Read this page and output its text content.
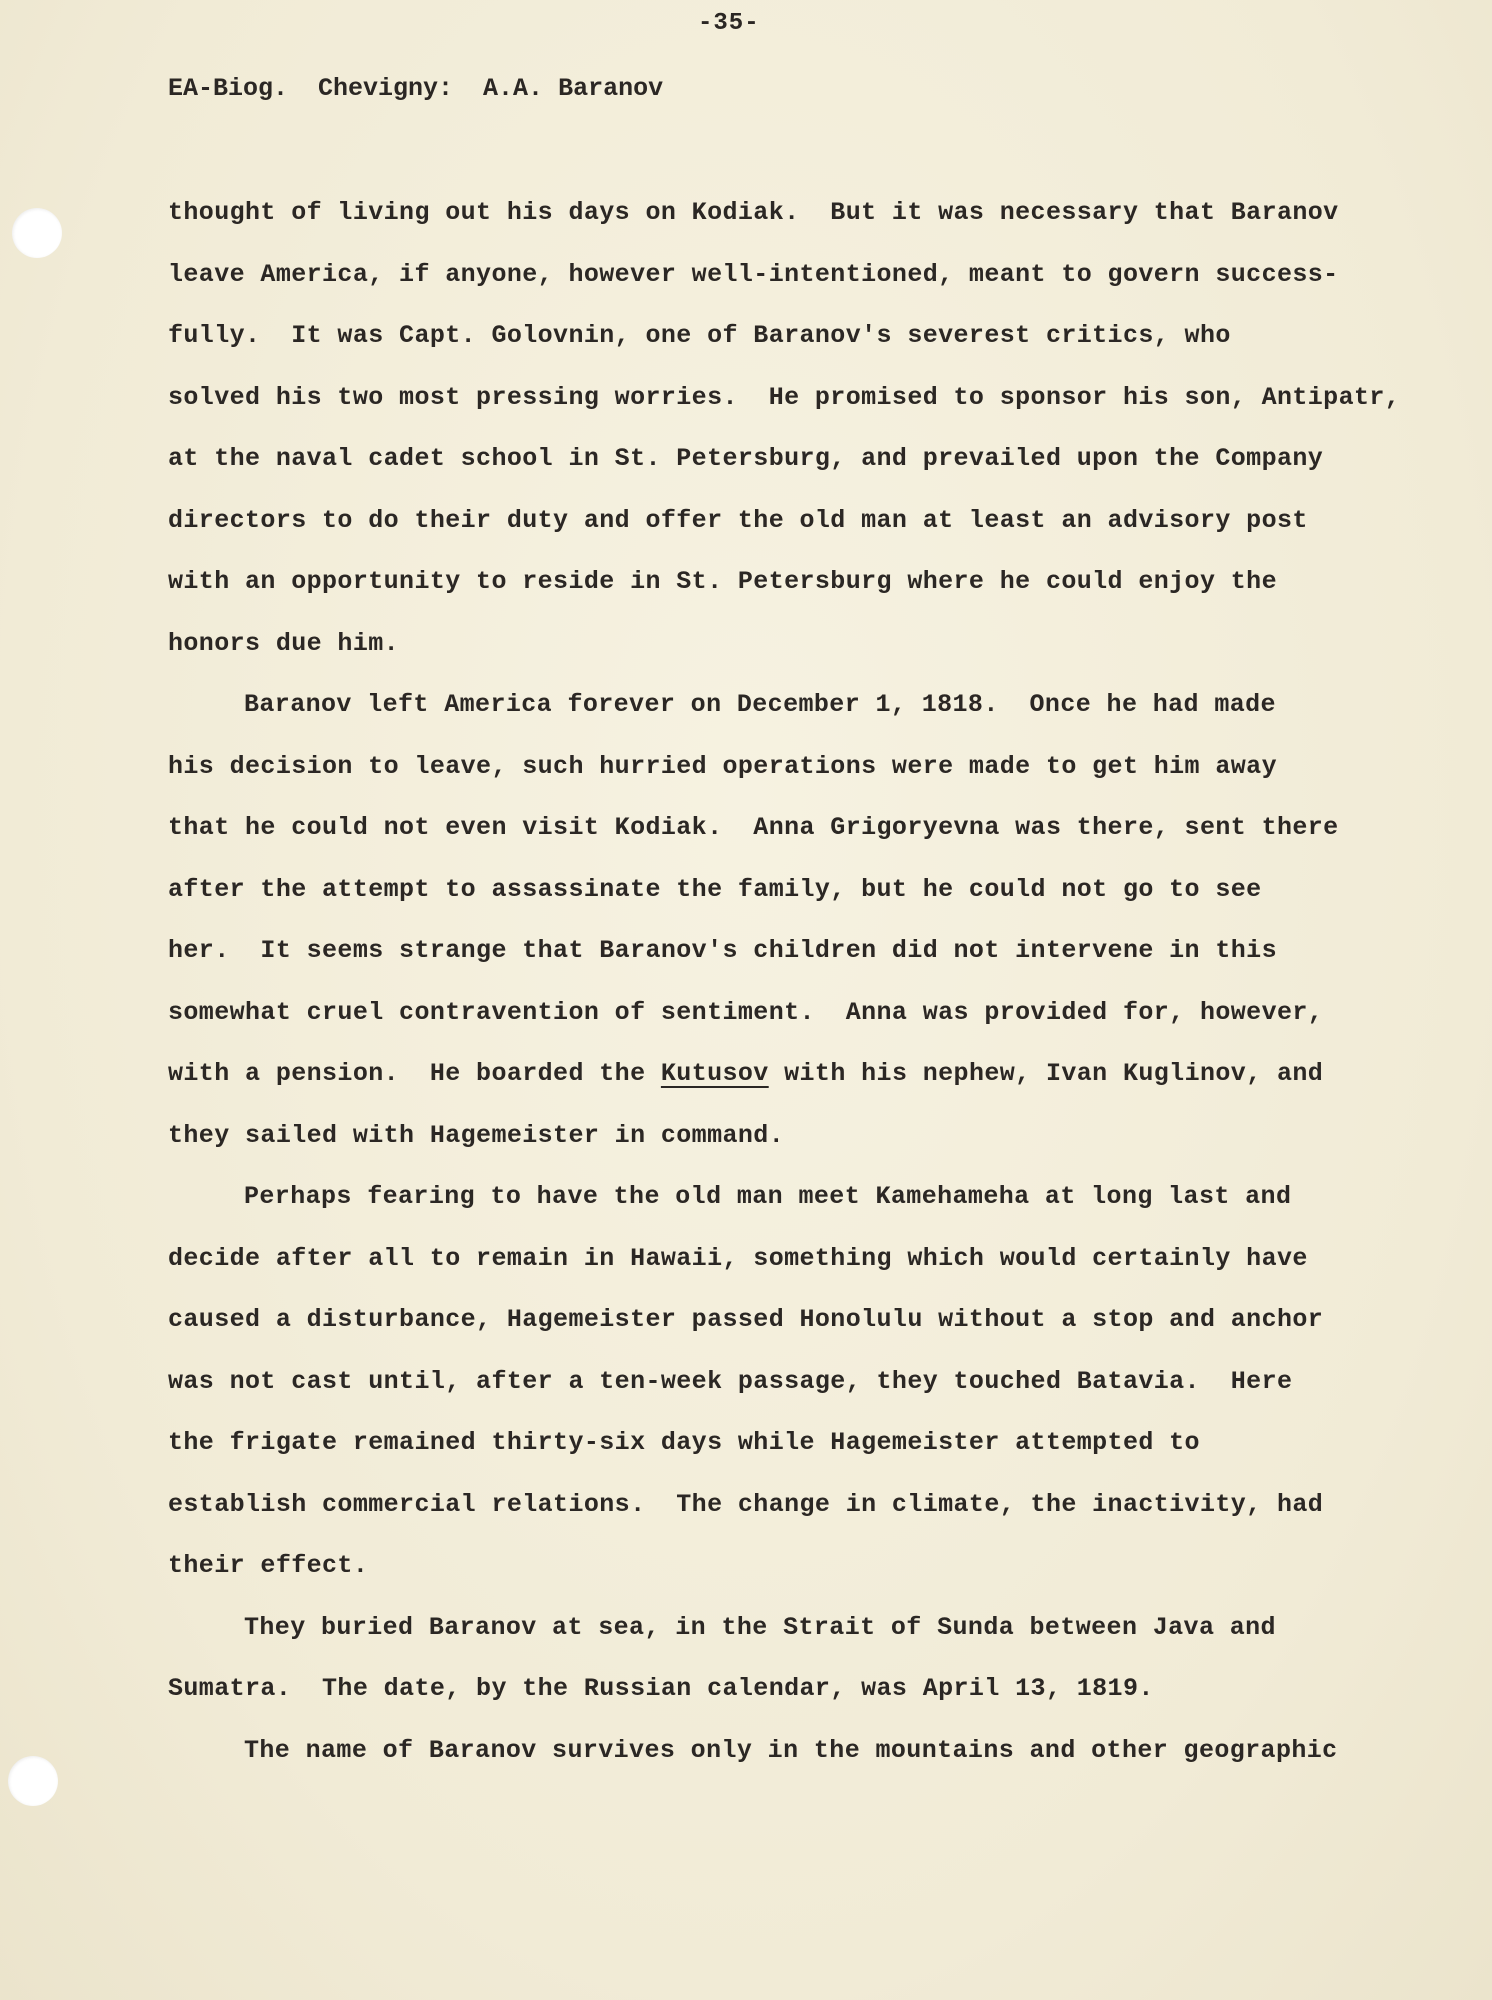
-35-
EA-Biog.  Chevigny:  A.A. Baranov
thought of living out his days on Kodiak.  But it was necessary that Baranov
leave America, if anyone, however well-intentioned, meant to govern success-
fully.  It was Capt. Golovnin, one of Baranov's severest critics, who
solved his two most pressing worries.  He promised to sponsor his son, Antipatr,
at the naval cadet school in St. Petersburg, and prevailed upon the Company
directors to do their duty and offer the old man at least an advisory post
with an opportunity to reside in St. Petersburg where he could enjoy the
honors due him.
Baranov left America forever on December 1, 1818.  Once he had made
his decision to leave, such hurried operations were made to get him away
that he could not even visit Kodiak.  Anna Grigoryevna was there, sent there
after the attempt to assassinate the family, but he could not go to see
her.  It seems strange that Baranov's children did not intervene in this
somewhat cruel contravention of sentiment.  Anna was provided for, however,
with a pension.  He boarded the Kutusov with his nephew, Ivan Kuglinov, and
they sailed with Hagemeister in command.
Perhaps fearing to have the old man meet Kamehameha at long last and
decide after all to remain in Hawaii, something which would certainly have
caused a disturbance, Hagemeister passed Honolulu without a stop and anchor
was not cast until, after a ten-week passage, they touched Batavia.  Here
the frigate remained thirty-six days while Hagemeister attempted to
establish commercial relations.  The change in climate, the inactivity, had
their effect.
They buried Baranov at sea, in the Strait of Sunda between Java and
Sumatra.  The date, by the Russian calendar, was April 13, 1819.
The name of Baranov survives only in the mountains and other geographic
